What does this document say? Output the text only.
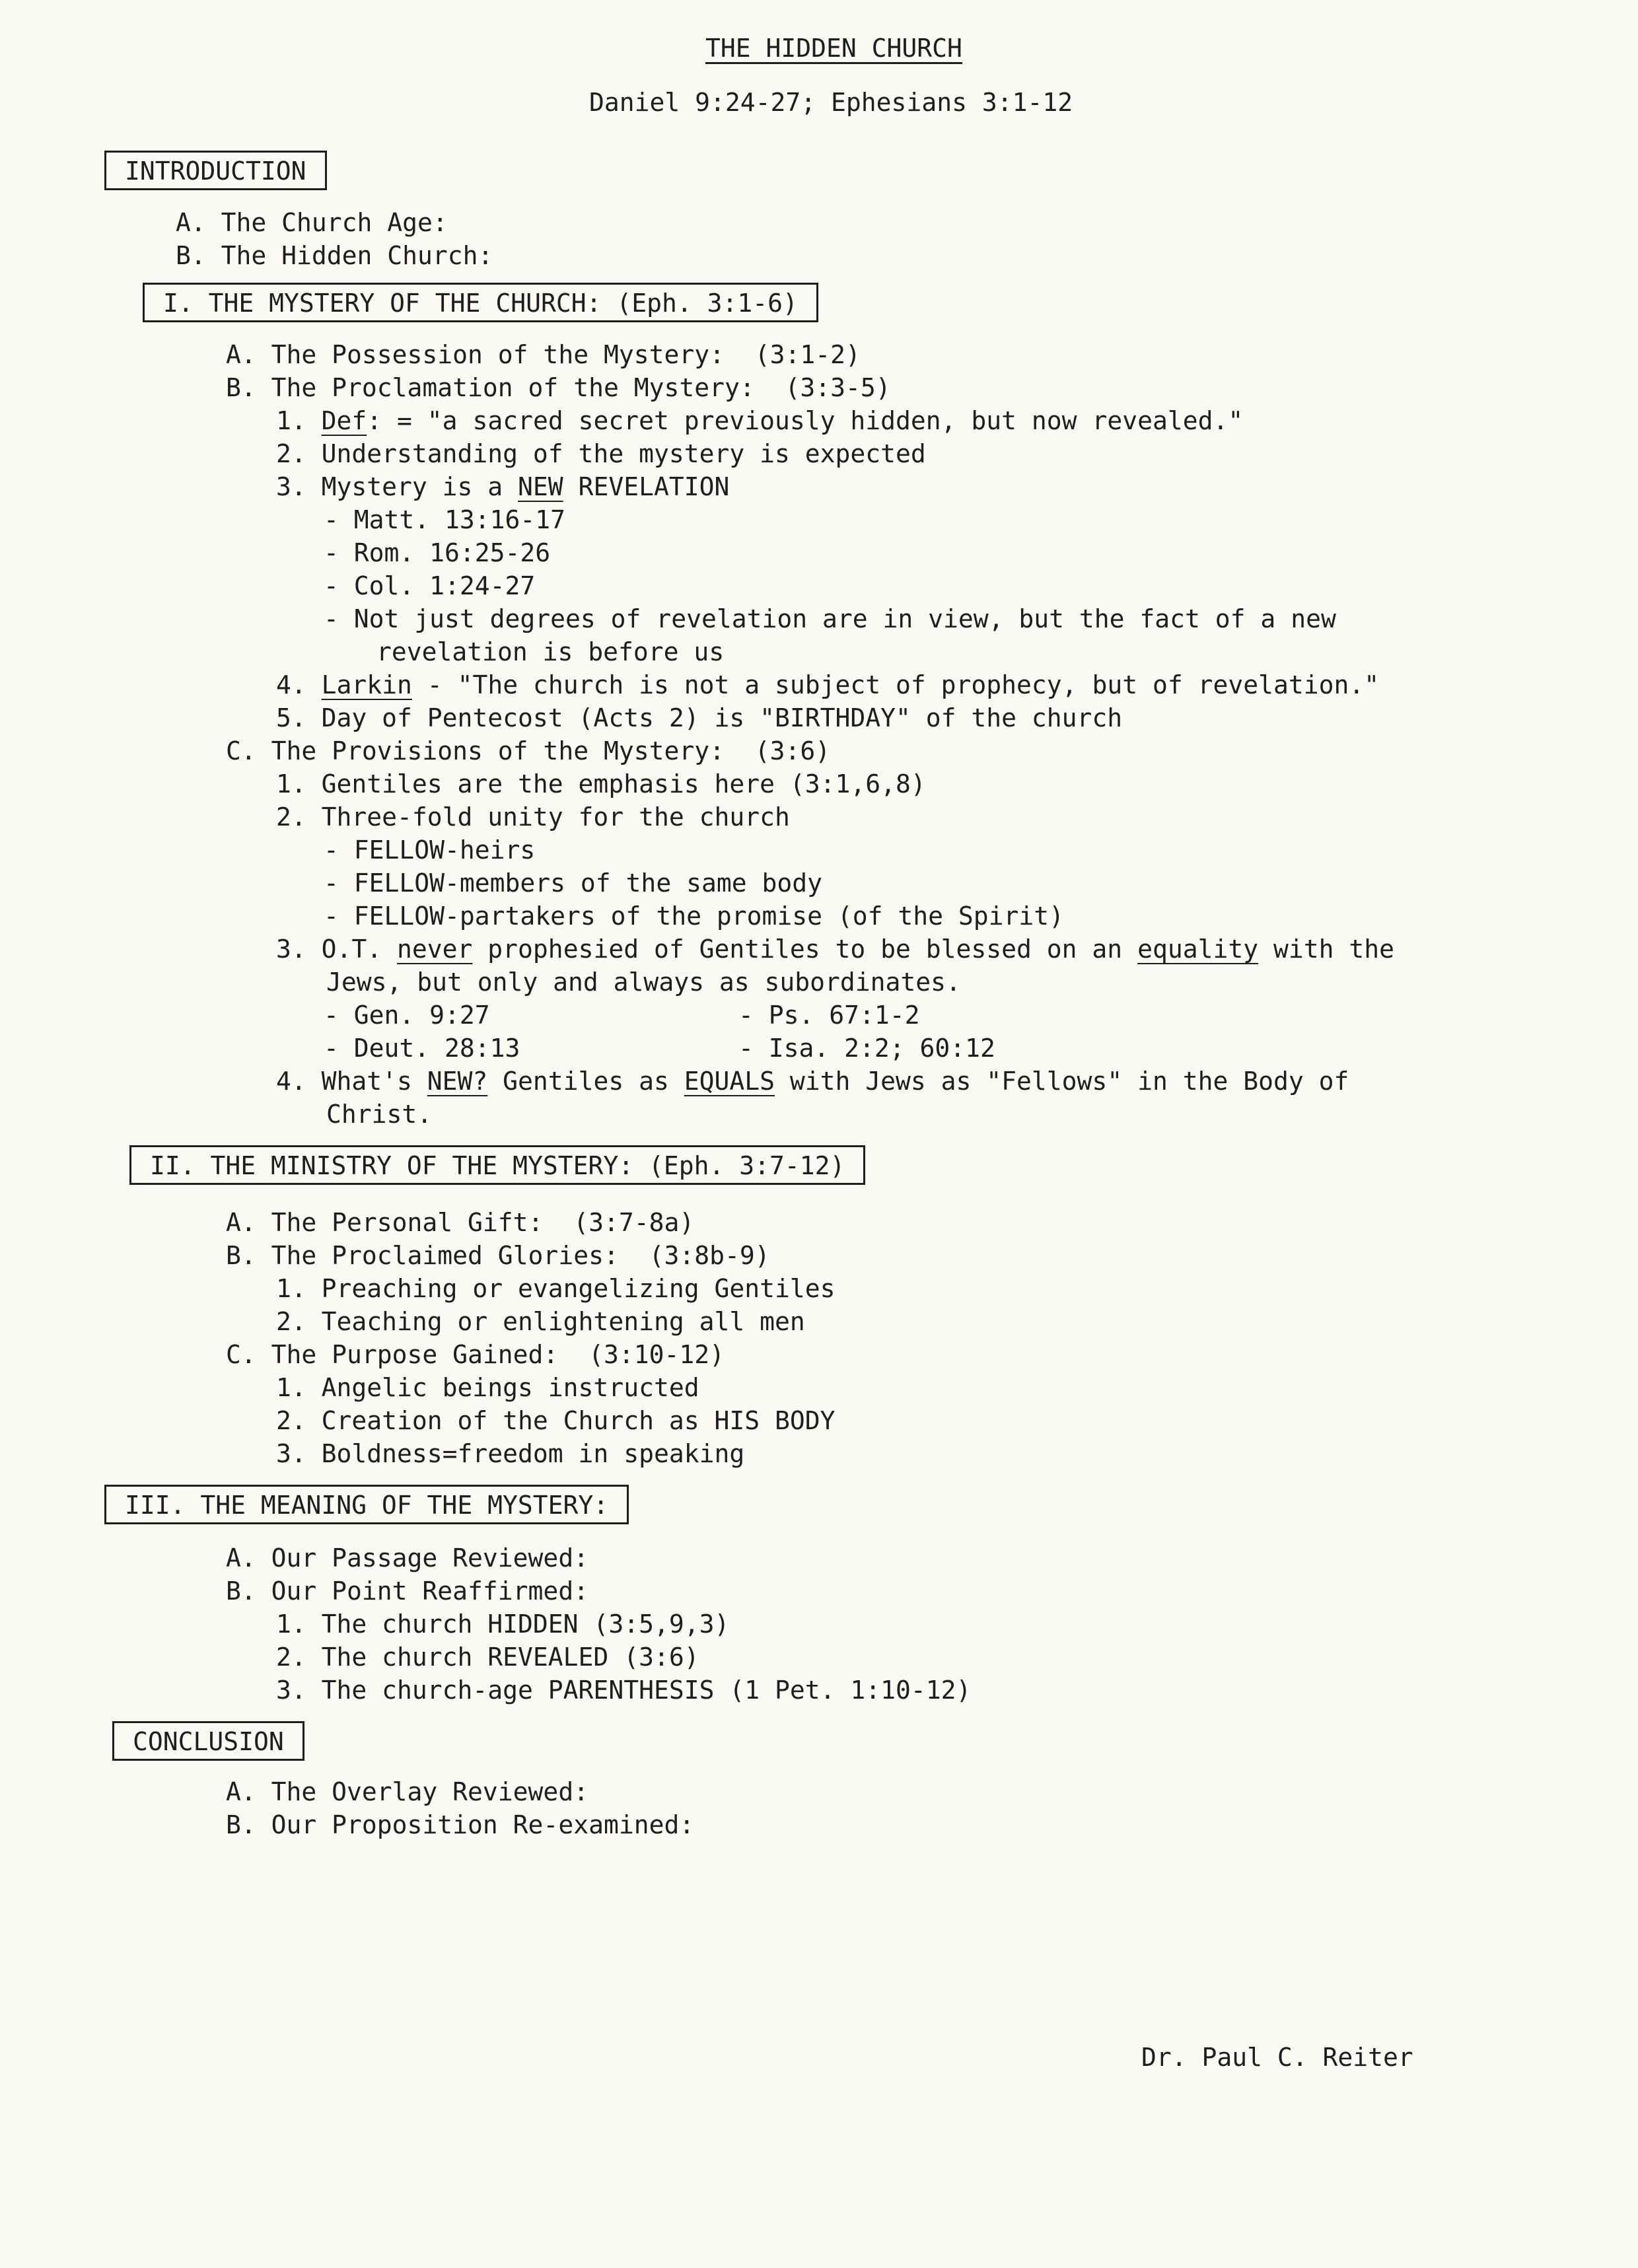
THE HIDDEN CHURCH
Daniel 9:24-27; Ephesians 3:1-12
INTRODUCTION
A. The Church Age:
B. The Hidden Church:
I. THE MYSTERY OF THE CHURCH: (Eph. 3:1-6)
A. The Possession of the Mystery:  (3:1-2)
B. The Proclamation of the Mystery:  (3:3-5)
1. Def: = "a sacred secret previously hidden, but now revealed."
2. Understanding of the mystery is expected
3. Mystery is a NEW REVELATION
- Matt. 13:16-17
- Rom. 16:25-26
- Col. 1:24-27
- Not just degrees of revelation are in view, but the fact of a new
revelation is before us
4. Larkin - "The church is not a subject of prophecy, but of revelation."
5. Day of Pentecost (Acts 2) is "BIRTHDAY" of the church
C. The Provisions of the Mystery:  (3:6)
1. Gentiles are the emphasis here (3:1,6,8)
2. Three-fold unity for the church
- FELLOW-heirs
- FELLOW-members of the same body
- FELLOW-partakers of the promise (of the Spirit)
3. O.T. never prophesied of Gentiles to be blessed on an equality with the
Jews, but only and always as subordinates.
- Gen. 9:27	- Ps. 67:1-2
- Deut. 28:13	- Isa. 2:2; 60:12
4. What's NEW? Gentiles as EQUALS with Jews as "Fellows" in the Body of
Christ.
II. THE MINISTRY OF THE MYSTERY: (Eph. 3:7-12)
A. The Personal Gift:  (3:7-8a)
B. The Proclaimed Glories:  (3:8b-9)
1. Preaching or evangelizing Gentiles
2. Teaching or enlightening all men
C. The Purpose Gained:  (3:10-12)
1. Angelic beings instructed
2. Creation of the Church as HIS BODY
3. Boldness=freedom in speaking
III. THE MEANING OF THE MYSTERY:
A. Our Passage Reviewed:
B. Our Point Reaffirmed:
1. The church HIDDEN (3:5,9,3)
2. The church REVEALED (3:6)
3. The church-age PARENTHESIS (1 Pet. 1:10-12)
CONCLUSION
A. The Overlay Reviewed:
B. Our Proposition Re-examined:
Dr. Paul C. Reiter
